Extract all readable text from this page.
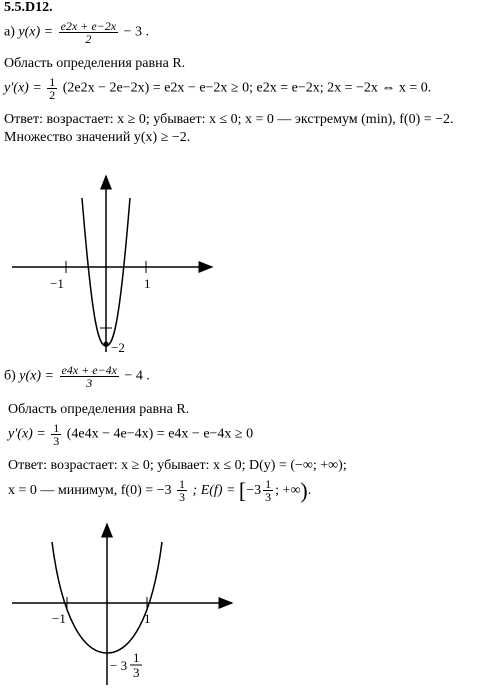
5.5.D12.
а) $y(x) = \frac{e2x + e-2x}{2} - 3$ .
Область определения равна R.
$y'(x) = \frac{1}{2} (2e2x - 2e-2x) = e2x - e-2x \ge 0$; e2x = e−2x; 2x = −2x ⇔ x = 0.
Ответ: возрастает: x ≥ 0; убывает: x ≤ 0; x = 0 — экстремум (min), f(0) = −2.
Множество значений y(x) ≥ −2.
−1	1
−2
б) $y(x) = \frac{e4x + e-4x}{3} - 4$ .
Область определения равна R.
$y'(x) = \frac{1}{3} (4e4x - 4e-4x) = e4x - e-4x \ge 0$
Ответ: возрастает: x ≥ 0; убывает: x ≤ 0; D(y) = (−∞; +∞);
x = 0 — минимум, $f(0) = -3 \frac{1}{3}$ ; $E(f) = [-3 \frac{1}{3}$ ; +∞).
−1	1
− 3
1
3
